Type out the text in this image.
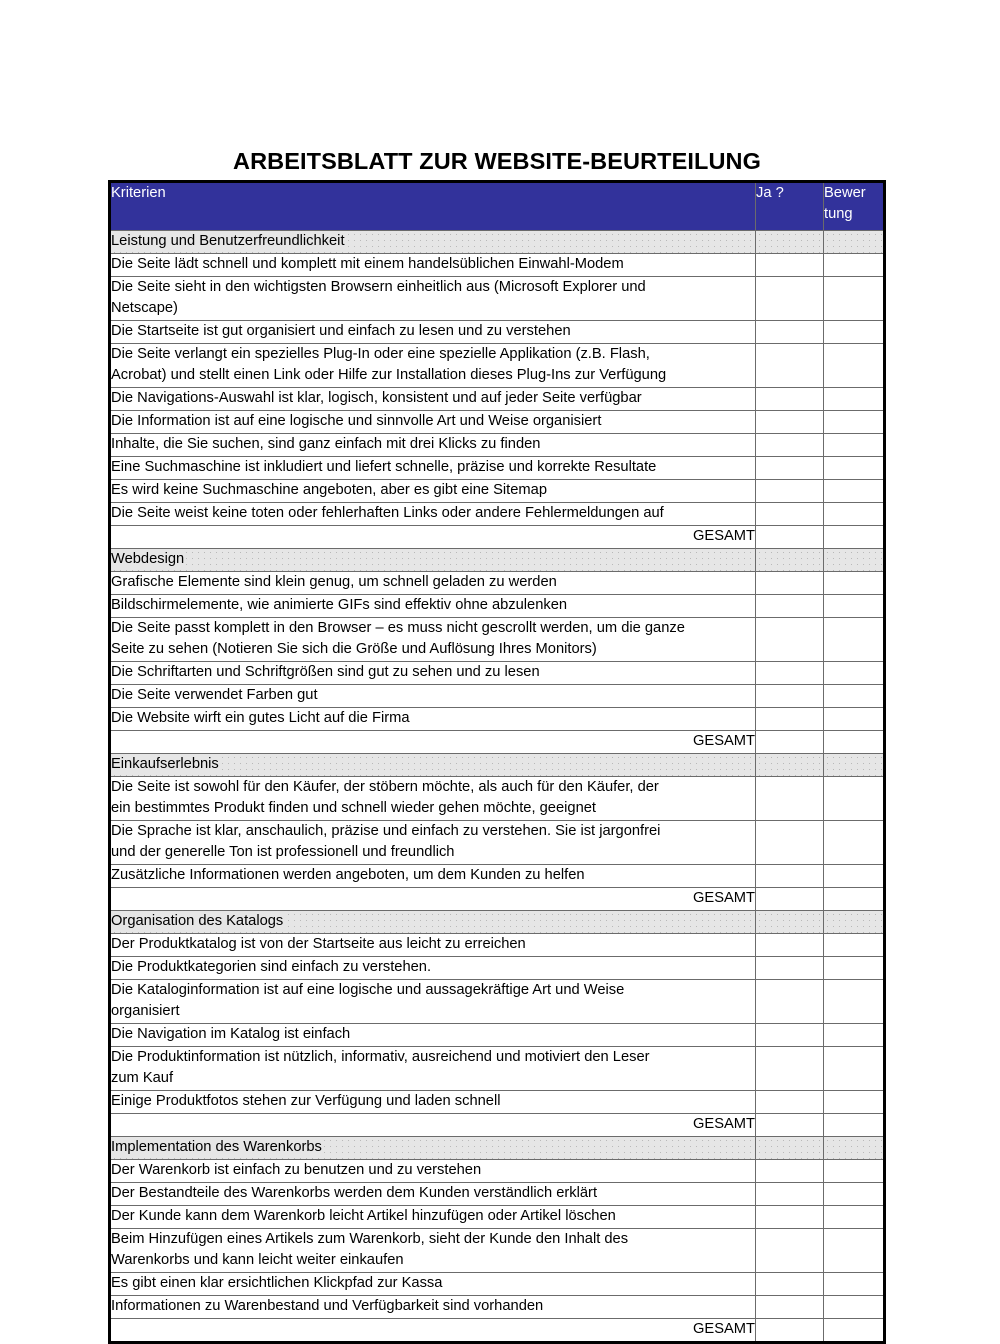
ARBEITSBLATT ZUR WEBSITE-BEURTEILUNG
Kriterien	Ja ?	Bewer
tung
Leistung und Benutzerfreundlichkeit		

Die Seite lädt schnell und komplett mit einem handelsüblichen Einwahl-Modem		

Die Seite sieht in den wichtigsten Browsern einheitlich aus (Microsoft Explorer und
Netscape)		

Die Startseite ist gut organisiert und einfach zu lesen und zu verstehen		

Die Seite verlangt ein spezielles Plug-In oder eine spezielle Applikation (z.B. Flash,
Acrobat) und stellt einen Link oder Hilfe zur Installation dieses Plug-Ins zur Verfügung		

Die Navigations-Auswahl ist klar, logisch, konsistent und auf jeder Seite verfügbar		

Die Information ist auf eine logische und sinnvolle Art und Weise organisiert		

Inhalte, die Sie suchen, sind ganz einfach mit drei Klicks zu finden		

Eine Suchmaschine ist inkludiert und liefert schnelle, präzise und korrekte Resultate		

Es wird keine Suchmaschine angeboten, aber es gibt eine Sitemap		

Die Seite weist keine toten oder fehlerhaften Links oder andere Fehlermeldungen auf		

GESAMT		

Webdesign		

Grafische Elemente sind klein genug, um schnell geladen zu werden		

Bildschirmelemente, wie animierte GIFs sind effektiv ohne abzulenken		

Die Seite passt komplett in den Browser – es muss nicht gescrollt werden, um die ganze
Seite zu sehen (Notieren Sie sich die Größe und Auflösung Ihres Monitors)		

Die Schriftarten und Schriftgrößen sind gut zu sehen und zu lesen		

Die Seite verwendet Farben gut		

Die Website wirft ein gutes Licht auf die Firma		

GESAMT		

Einkaufserlebnis		

Die Seite ist sowohl für den Käufer, der stöbern möchte, als auch für den Käufer, der
ein bestimmtes Produkt finden und schnell wieder gehen möchte, geeignet		

Die Sprache ist klar, anschaulich, präzise und einfach zu verstehen. Sie ist jargonfrei
und der generelle Ton ist professionell und freundlich		

Zusätzliche Informationen werden angeboten, um dem Kunden zu helfen		

GESAMT		

Organisation des Katalogs		

Der Produktkatalog ist von der Startseite aus leicht zu erreichen		

Die Produktkategorien sind einfach zu verstehen.		

Die Kataloginformation ist auf eine logische und aussagekräftige Art und Weise
organisiert		

Die Navigation im Katalog ist einfach		

Die Produktinformation ist nützlich, informativ, ausreichend und motiviert den Leser
zum Kauf		

Einige Produktfotos stehen zur Verfügung und laden schnell		

GESAMT		

Implementation des Warenkorbs		

Der Warenkorb ist einfach zu benutzen und zu verstehen		

Der Bestandteile des Warenkorbs werden dem Kunden verständlich erklärt		

Der Kunde kann dem Warenkorb leicht Artikel hinzufügen oder Artikel löschen		

Beim Hinzufügen eines Artikels zum Warenkorb, sieht der Kunde den Inhalt des
Warenkorbs und kann leicht weiter einkaufen		

Es gibt einen klar ersichtlichen Klickpfad zur Kassa		

Informationen zu Warenbestand und Verfügbarkeit sind vorhanden		

GESAMT		
